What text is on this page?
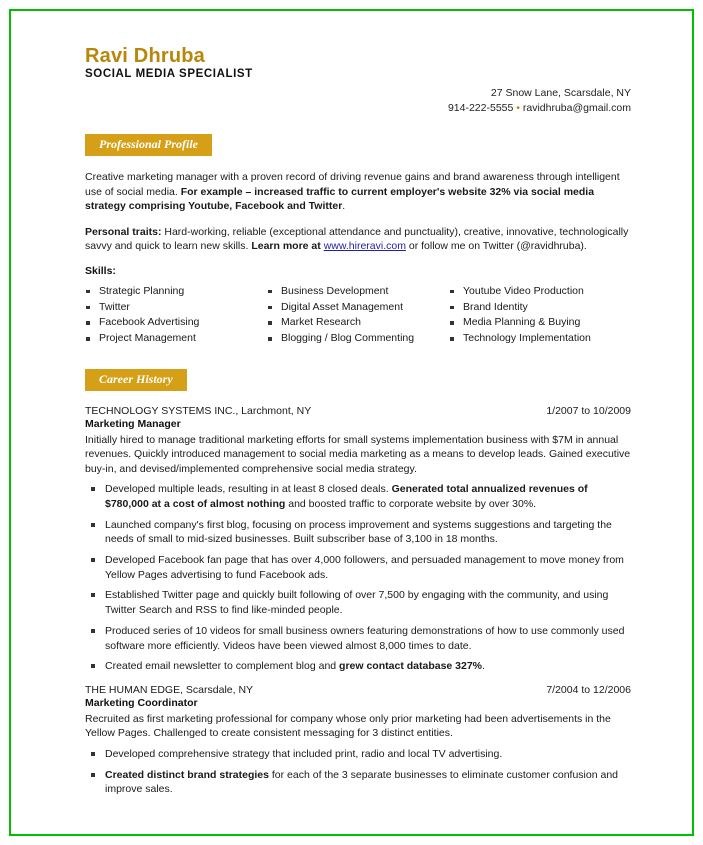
Ravi Dhruba
SOCIAL MEDIA SPECIALIST
27 Snow Lane, Scarsdale, NY
914-222-5555 • ravidhruba@gmail.com
Professional Profile

Creative marketing manager with a proven record of driving revenue gains and brand awareness through intelligent use of social media. For example – increased traffic to current employer's website 32% via social media strategy comprising Youtube, Facebook and Twitter.

Personal traits: Hard-working, reliable (exceptional attendance and punctuality), creative, innovative, technologically savvy and quick to learn new skills. Learn more at www.hireravi.com or follow me on Twitter (@ravidhruba).

Skills:
Strategic Planning
Twitter
Facebook Advertising
Project Management
Business Development
Digital Asset Management
Market Research
Blogging / Blog Commenting
Youtube Video Production
Brand Identity
Media Planning & Buying
Technology Implementation
Career History
TECHNOLOGY SYSTEMS INC., Larchmont, NY	1/2007 to 10/2009
Marketing Manager

Initially hired to manage traditional marketing efforts for small systems implementation business with $7M in annual revenues. Quickly introduced management to social media marketing as a means to develop leads. Gained executive buy-in, and devised/implemented comprehensive social media strategy.

Developed multiple leads, resulting in at least 8 closed deals. Generated total annualized revenues of $780,000 at a cost of almost nothing and boosted traffic to corporate website by over 30%.
Launched company's first blog, focusing on process improvement and systems suggestions and targeting the needs of small to mid-sized businesses. Built subscriber base of 3,100 in 18 months.
Developed Facebook fan page that has over 4,000 followers, and persuaded management to move money from Yellow Pages advertising to fund Facebook ads.
Established Twitter page and quickly built following of over 7,500 by engaging with the community, and using Twitter Search and RSS to find like-minded people.
Produced series of 10 videos for small business owners featuring demonstrations of how to use commonly used software more efficiently. Videos have been viewed almost 8,000 times to date.
Created email newsletter to complement blog and grew contact database 327%.
THE HUMAN EDGE, Scarsdale, NY	7/2004 to 12/2006
Marketing Coordinator

Recruited as first marketing professional for company whose only prior marketing had been advertisements in the Yellow Pages. Challenged to create consistent messaging for 3 distinct entities.

Developed comprehensive strategy that included print, radio and local TV advertising.
Created distinct brand strategies for each of the 3 separate businesses to eliminate customer confusion and improve sales.
